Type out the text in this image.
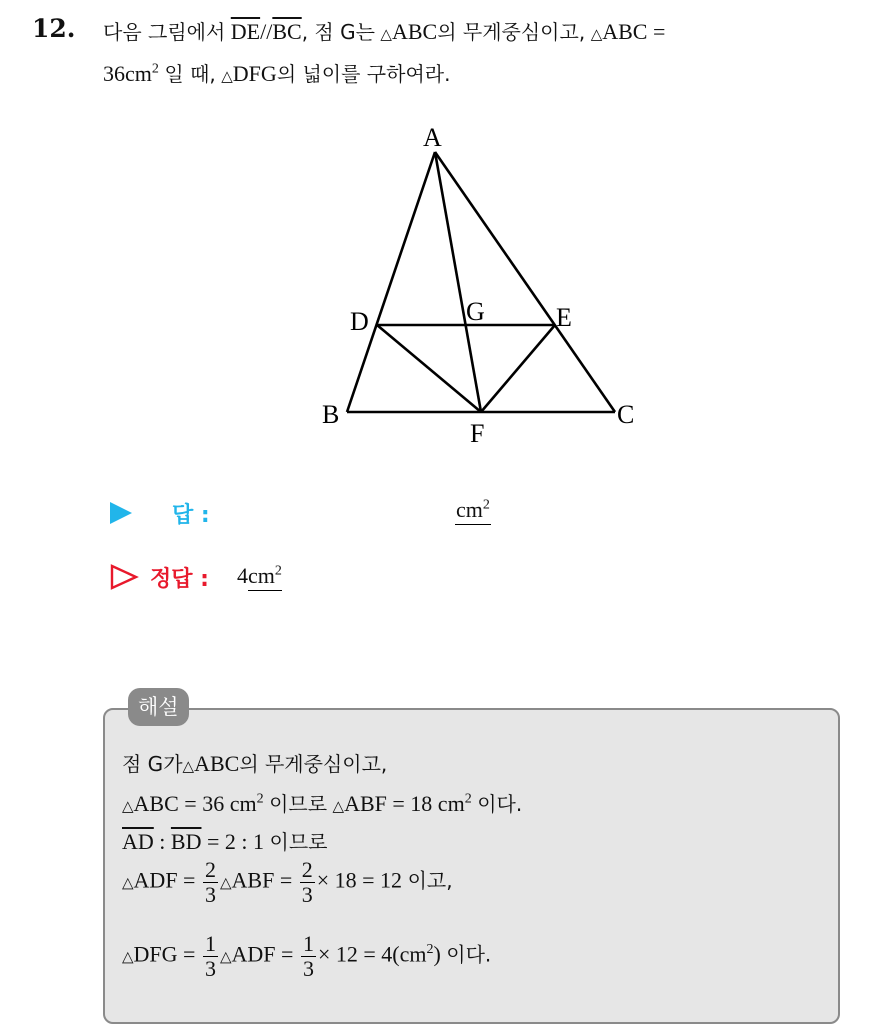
12. 다음 그림에서 $\overline{DE}//\overline{BC}$, 점 G는 △ABC의 무게중심이고, △ABC =
$36cm^2$ 일 때, △DFG의 넓이를 구하여라.
A
B	C
D	E
F
G
답 :	$cm^2$
정답 : $4cm^2$
해설
점 G가△ABC의 무게중심이고,
△ABC = 36 $cm^2$ 이므로 △ABF = 18 $cm^2$ 이다.
$\overline{AD}$ : $\overline{BD} = 2$ : 1 이므로
△ADF = $\frac{2}{3}$ △ABF = $\frac{2}{3} \times 18 = 12$ 이고,
△DFG = $\frac{1}{3}$ △ADF = $\frac{1}{3} \times 12 = 4(cm^2)$ 이다.
